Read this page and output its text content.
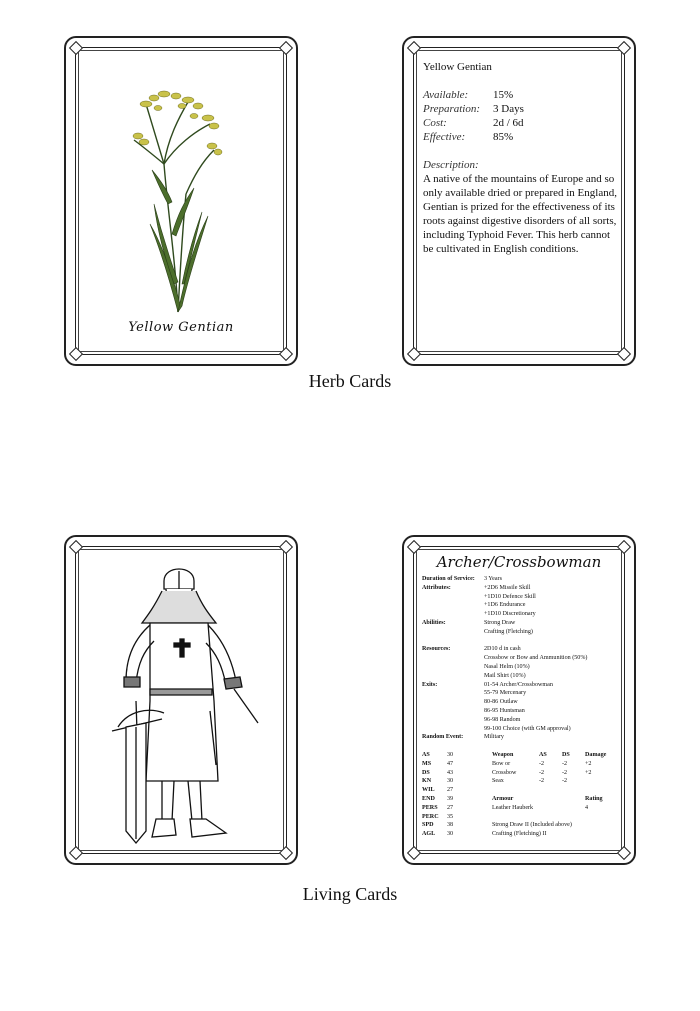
Yellow Gentian
Yellow Gentian
Available:	15%
Preparation:	3 Days
Cost:	2d / 6d
Effective:	85%
Description:
A native of the mountains of Europe and so only available dried or prepared in England, Gentian is prized for the effectiveness of its roots against digestive disorders of all sorts, including Typhoid Fever. This herb cannot be cultivated in English conditions.
Herb Cards
Archer/Crossbowman
Duration of Service:	3 Years
Attributes:	+2D6 Missile Skill
+1D10 Defence Skill
+1D6 Endurance
+1D10 Discretionary
Abilities:	Strong Draw
Crafting (Fletching)
Resources:	2D10 d in cash
Crossbow or Bow and Ammunition (50%)
Nasal Helm (10%)
Mail Shirt (10%)
Exits:	01-54 Archer/Crossbowman
55-79 Mercenary
80-86 Outlaw
86-95 Huntsman
96-98 Random
99-100 Choice (with GM approval)
Random Event:	Military
AS	30
MS	47
DS	43
KN	30
WIL	27
END	39
PERS	27
PERC	35
SPD	38
AGL	30
Weapon	AS	DS	Damage
Bow or	-2	-2	+2
Crossbow	-2	-2	+2
Seax	-2	-2
Armour	Rating
Leather Hauberk	4
Strong Draw II (Included above)
Crafting (Fletching) II
Living Cards
